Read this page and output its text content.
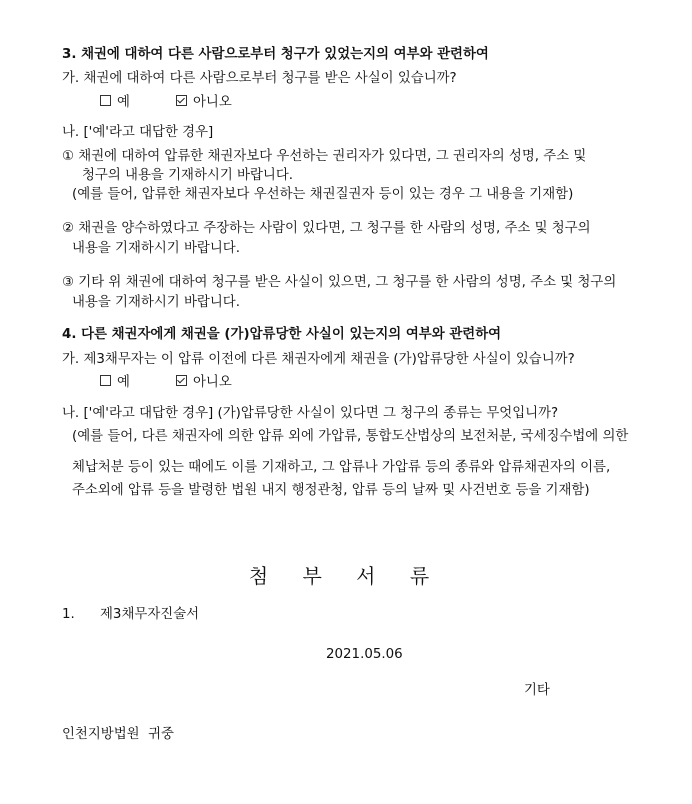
3. 채권에 대하여 다른 사람으로부터 청구가 있었는지의 여부와 관련하여
가. 채권에 대하여 다른 사람으로부터 청구를 받은 사실이 있습니까?
예	아니오
나. ['예'라고 대답한 경우]
① 채권에 대하여 압류한 채권자보다 우선하는 권리자가 있다면, 그 권리자의 성명, 주소 및
청구의 내용을 기재하시기 바랍니다.
(예를 들어, 압류한 채권자보다 우선하는 채권질권자 등이 있는 경우 그 내용을 기재함)
② 채권을 양수하였다고 주장하는 사람이 있다면, 그 청구를 한 사람의 성명, 주소 및 청구의
내용을 기재하시기 바랍니다.
③ 기타 위 채권에 대하여 청구를 받은 사실이 있으면, 그 청구를 한 사람의 성명, 주소 및 청구의
내용을 기재하시기 바랍니다.
4. 다른 채권자에게 채권을 (가)압류당한 사실이 있는지의 여부와 관련하여
가. 제3채무자는 이 압류 이전에 다른 채권자에게 채권을 (가)압류당한 사실이 있습니까?
예	아니오
나. ['예'라고 대답한 경우] (가)압류당한 사실이 있다면 그 청구의 종류는 무엇입니까?
(예를 들어, 다른 채권자에 의한 압류 외에 가압류, 통합도산법상의 보전처분, 국세징수법에 의한
체납처분 등이 있는 때에도 이를 기재하고, 그 압류나 가압류 등의 종류와 압류채권자의 이름,
주소외에 압류 등을 발령한 법원 내지 행정관청, 압류 등의 날짜 및 사건번호 등을 기재함)
첨 부 서 류
1. 제3채무자진술서
2021.05.06
기타
인천지방법원  귀중
